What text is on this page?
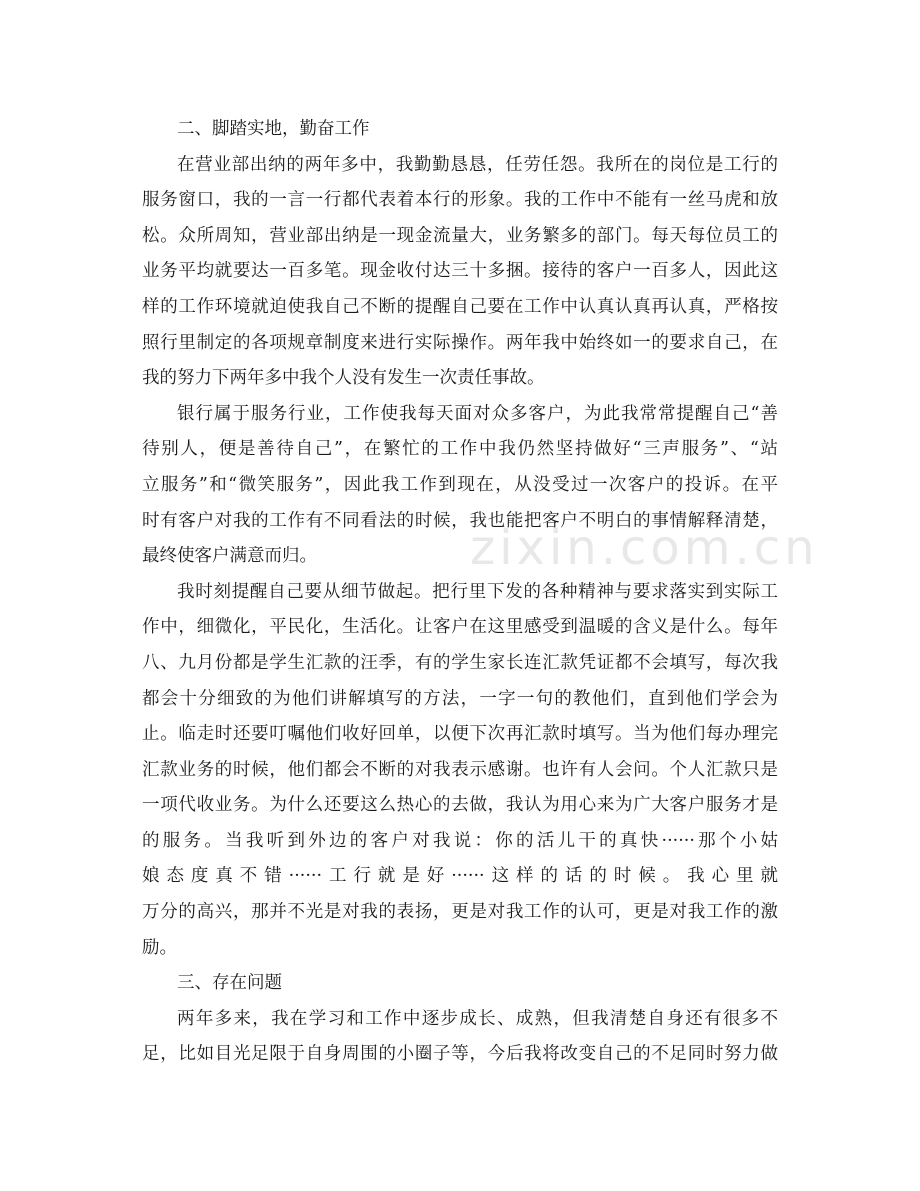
zixin.com.cn
二、脚踏实地，勤奋工作
在营业部出纳的两年多中，我勤勤恳恳，任劳任怨。我所在的岗位是工行的
服务窗口，我的一言一行都代表着本行的形象。我的工作中不能有一丝马虎和放
松。众所周知，营业部出纳是一现金流量大，业务繁多的部门。每天每位员工的
业务平均就要达一百多笔。现金收付达三十多捆。接待的客户一百多人，因此这
样的工作环境就迫使我自己不断的提醒自己要在工作中认真认真再认真，严格按
照行里制定的各项规章制度来进行实际操作。两年我中始终如一的要求自己，在
我的努力下两年多中我个人没有发生一次责任事故。
银行属于服务行业，工作使我每天面对众多客户，为此我常常提醒自己“善
待别人，便是善待自己”，在繁忙的工作中我仍然坚持做好“三声服务”、“站
立服务”和“微笑服务”，因此我工作到现在，从没受过一次客户的投诉。在平
时有客户对我的工作有不同看法的时候，我也能把客户不明白的事情解释清楚，
最终使客户满意而归。
我时刻提醒自己要从细节做起。把行里下发的各种精神与要求落实到实际工
作中，细微化，平民化，生活化。让客户在这里感受到温暖的含义是什么。每年
八、九月份都是学生汇款的汪季，有的学生家长连汇款凭证都不会填写，每次我
都会十分细致的为他们讲解填写的方法，一字一句的教他们，直到他们学会为
止。临走时还要叮嘱他们收好回单，以便下次再汇款时填写。当为他们每办理完
汇款业务的时候，他们都会不断的对我表示感谢。也许有人会问。个人汇款只是
一项代收业务。为什么还要这么热心的去做，我认为用心来为广大客户服务才是
的服务。当我听到外边的客户对我说：你的活儿干的真快······那个小姑
娘态度真不错······工行就是好······这样的话的时候。我心里就
万分的高兴，那并不光是对我的表扬，更是对我工作的认可，更是对我工作的激
励。
三、存在问题
两年多来，我在学习和工作中逐步成长、成熟，但我清楚自身还有很多不
足，比如目光足限于自身周围的小圈子等，今后我将改变自己的不足同时努力做
